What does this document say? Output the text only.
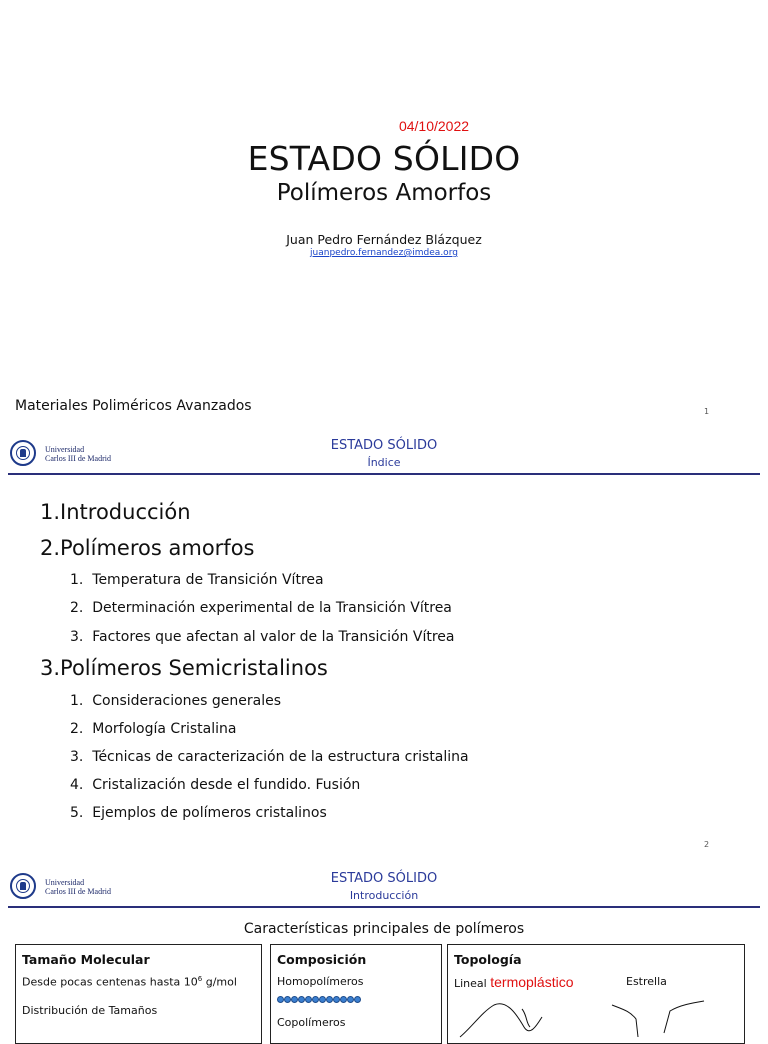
04/10/2022
ESTADO SÓLIDO
Polímeros Amorfos
Juan Pedro Fernández Blázquez
juanpedro.fernandez@imdea.org
Materiales Poliméricos Avanzados	1
Universidad
Carlos III de Madrid
ESTADO SÓLIDO
Índice
1.Introducción
2.Polímeros amorfos
1. Temperatura de Transición Vítrea
2. Determinación experimental de la Transición Vítrea
3. Factores que afectan al valor de la Transición Vítrea
3.Polímeros Semicristalinos
1. Consideraciones generales
2. Morfología Cristalina
3. Técnicas de caracterización de la estructura cristalina
4. Cristalización desde el fundido. Fusión
5. Ejemplos de polímeros cristalinos
2
Universidad
Carlos III de Madrid
ESTADO SÓLIDO
Introducción
Características principales de polímeros
Tamaño Molecular
Desde pocas centenas hasta $10^6$ g/mol
Distribución de Tamaños
Composición
Homopolímeros
Copolímeros
Topología
Lineal termoplástico	Estrella
